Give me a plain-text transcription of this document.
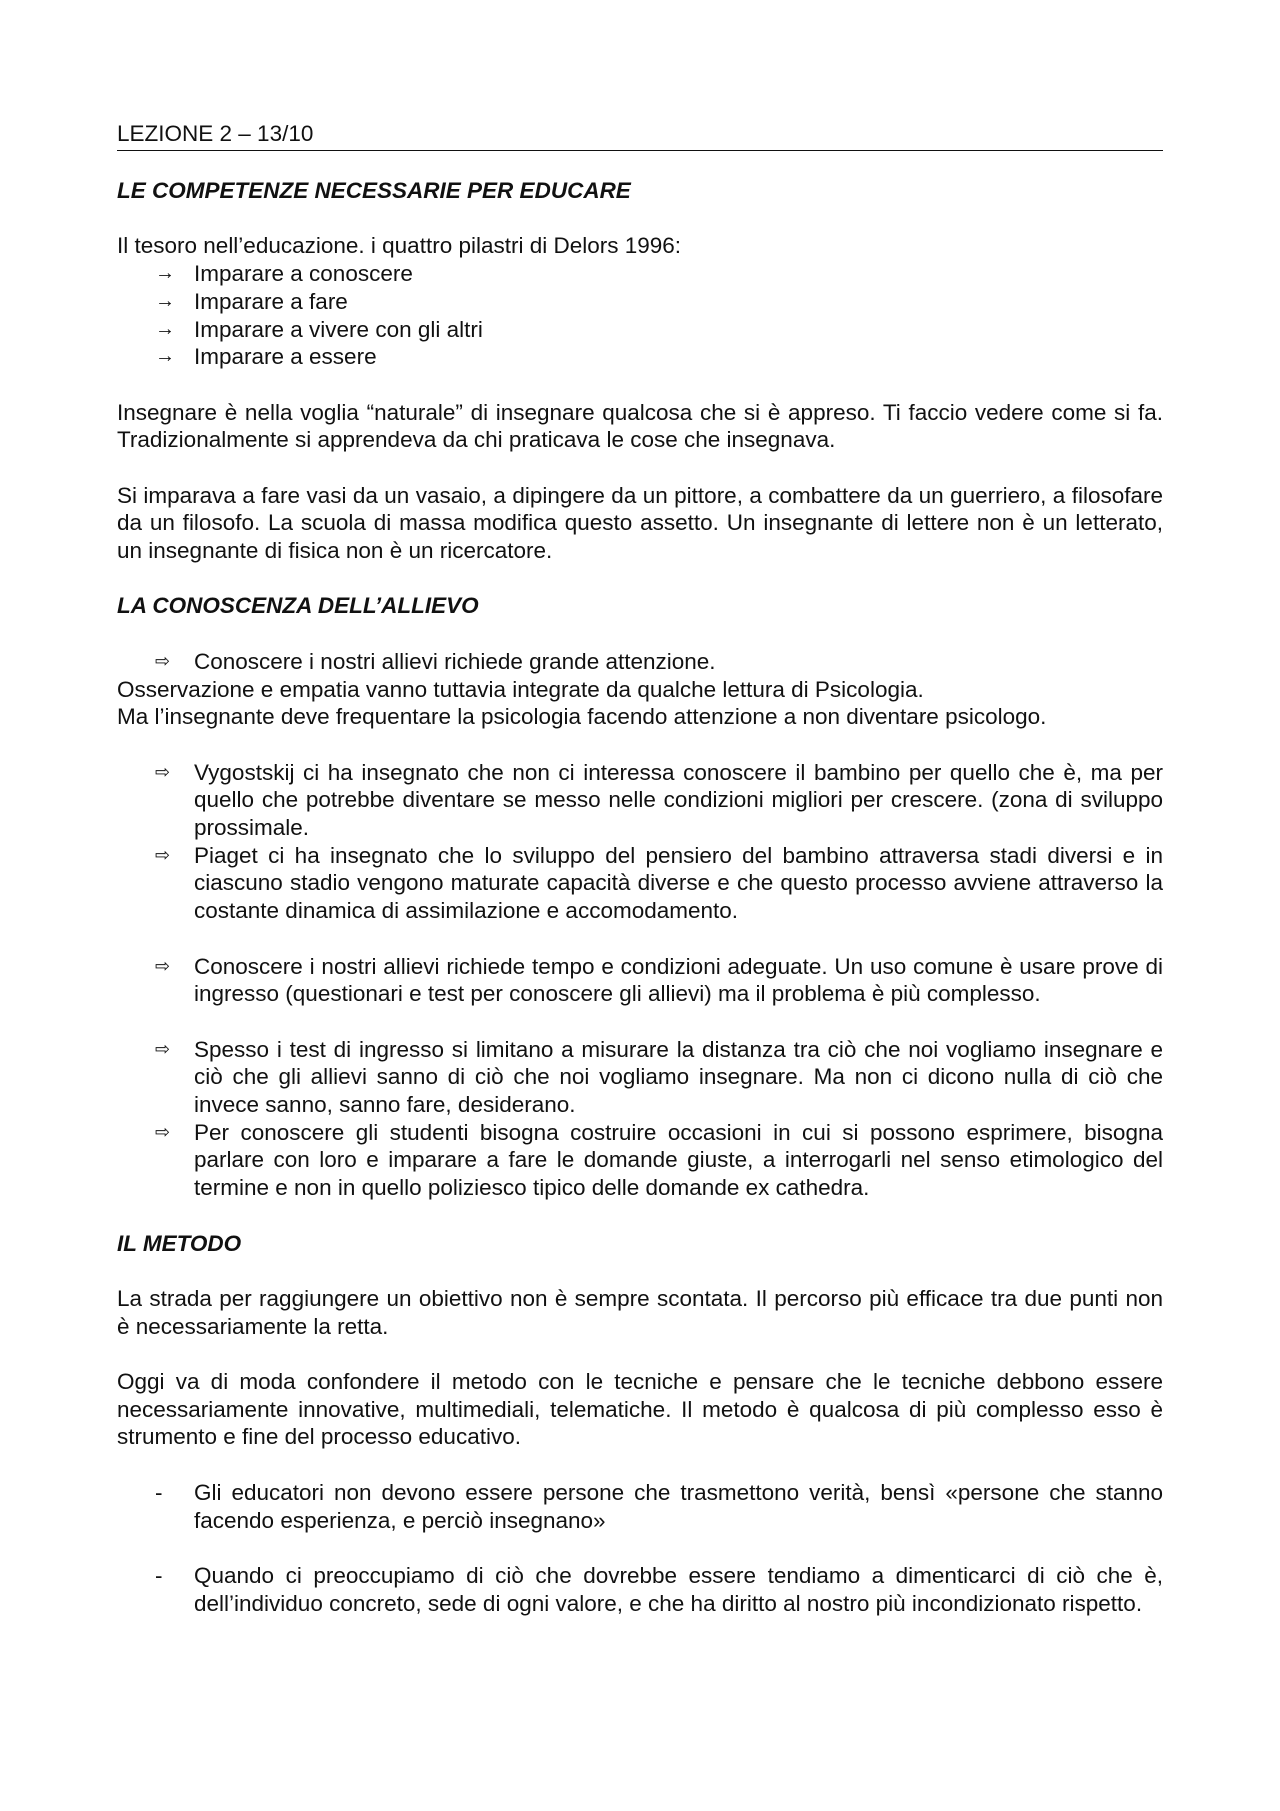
LEZIONE 2 – 13/10
LE COMPETENZE NECESSARIE PER EDUCARE

Il tesoro nell’educazione. i quattro pilastri di Delors 1996:

→ Imparare a conoscere
→ Imparare a fare
→ Imparare a vivere con gli altri
→ Imparare a essere

Insegnare è nella voglia “naturale” di insegnare qualcosa che si è appreso. Ti faccio vedere come si fa. Tradizionalmente si apprendeva da chi praticava le cose che insegnava.

Si imparava a fare vasi da un vasaio, a dipingere da un pittore, a combattere da un guerriero, a filosofare da un filosofo. La scuola di massa modifica questo assetto. Un insegnante di lettere non è un letterato, un insegnante di fisica non è un ricercatore.

LA CONOSCENZA DELL’ALLIEVO
⇨	Conoscere i nostri allievi richiede grande attenzione.

Osservazione e empatia vanno tuttavia integrate da qualche lettura di Psicologia.

Ma l’insegnante deve frequentare la psicologia facendo attenzione a non diventare psicologo.

⇨	Vygostskij ci ha insegnato che non ci interessa conoscere il bambino per quello che è, ma per quello che potrebbe diventare se messo nelle condizioni migliori per crescere. (zona di sviluppo prossimale.
⇨	Piaget ci ha insegnato che lo sviluppo del pensiero del bambino attraversa stadi diversi e in ciascuno stadio vengono maturate capacità diverse e che questo processo avviene attraverso la costante dinamica di assimilazione e accomodamento.
⇨	Conoscere i nostri allievi richiede tempo e condizioni adeguate. Un uso comune è usare prove di ingresso (questionari e test per conoscere gli allievi) ma il problema è più complesso.
⇨	Spesso i test di ingresso si limitano a misurare la distanza tra ciò che noi vogliamo insegnare e ciò che gli allievi sanno di ciò che noi vogliamo insegnare. Ma non ci dicono nulla di ciò che invece sanno, sanno fare, desiderano.
⇨	Per conoscere gli studenti bisogna costruire occasioni in cui si possono esprimere, bisogna parlare con loro e imparare a fare le domande giuste, a interrogarli nel senso etimologico del termine e non in quello poliziesco tipico delle domande ex cathedra.
IL METODO

La strada per raggiungere un obiettivo non è sempre scontata. Il percorso più efficace tra due punti non è necessariamente la retta.

Oggi va di moda confondere il metodo con le tecniche e pensare che le tecniche debbono essere necessariamente innovative, multimediali, telematiche. Il metodo è qualcosa di più complesso esso è strumento e fine del processo educativo.

-	Gli educatori non devono essere persone che trasmettono verità, bensì «persone che stanno facendo esperienza, e perciò insegnano»
-	Quando ci preoccupiamo di ciò che dovrebbe essere tendiamo a dimenticarci di ciò che è, dell’individuo concreto, sede di ogni valore, e che ha diritto al nostro più incondizionato rispetto.
